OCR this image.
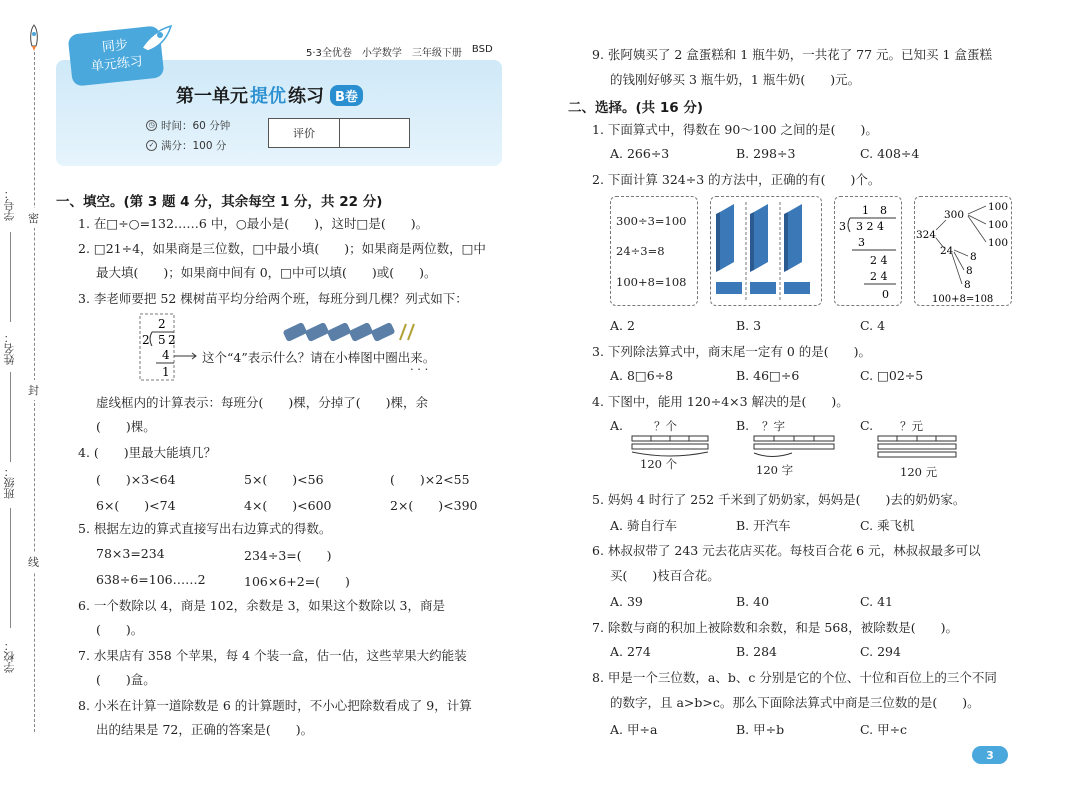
密
封
线
学号：
姓名：
班级：
学校：
5·3全优卷 小学数学 三年级下册 BSD
同步
单元练习
第一单元 提优 练习 B卷
◷ 时间：60 分钟
✓ 满分：100 分
评价
一、填空。(第 3 题 4 分，其余每空 1 分，共 22 分)
1. 在□÷○=132……6 中，○最小是(　　)，这时□是(　　)。
2. □21÷4，如果商是三位数，□中最小填(　　)；如果商是两位数，□中
最大填(　　)；如果商中间有 0，□中可以填(　　)或(　　)。
3. 李老师要把 52 棵树苗平均分给两个班，每班分到几棵？列式如下：
2
2 5 2
4
1
这个“4”表示什么？请在小棒图中圈出来。
· · ·
虚线框内的计算表示：每班分(　　)棵，分掉了(　　)棵，余
(　　)棵。
4. (　　)里最大能填几？
(　　)×3<64	5×(　　)<56	(　　)×2<55
6×(　　)<74	4×(　　)<600	2×(　　)<390
5. 根据左边的算式直接写出右边算式的得数。
78×3=234	234÷3=(　　)
638÷6=106……2	106×6+2=(　　)
6. 一个数除以 4，商是 102，余数是 3，如果这个数除以 3，商是
(　　)。
7. 水果店有 358 个苹果，每 4 个装一盒，估一估，这些苹果大约能装
(　　)盒。
8. 小米在计算一道除数是 6 的计算题时，不小心把除数看成了 9，计算
出的结果是 72，正确的答案是(　　)。
9. 张阿姨买了 2 盒蛋糕和 1 瓶牛奶，一共花了 77 元。已知买 1 盒蛋糕
的钱刚好够买 3 瓶牛奶，1 瓶牛奶(　　)元。
二、选择。(共 16 分)
1. 下面算式中，得数在 90～100 之间的是(　　)。
A. 266÷3	B. 298÷3	C. 408÷4
2. 下面计算 324÷3 的方法中，正确的有(　　)个。
300÷3=100
24÷3=8
100+8=108
1　8
3 3 2 4
3
2 4
2 4
0
324
300
24
100
100
100
8
8
8
100+8=108
A. 2	B. 3	C. 4
3. 下列除法算式中，商末尾一定有 0 的是(　　)。
A. 8□6÷8	B. 46□÷6	C. □02÷5
4. 下图中，能用 120÷4×3 解决的是(　　)。
A.	？个
120 个
B. ？字
120 字
C. ？元
120 元
5. 妈妈 4 时行了 252 千米到了奶奶家，妈妈是(　　)去的奶奶家。
A. 骑自行车	B. 开汽车	C. 乘飞机
6. 林叔叔带了 243 元去花店买花。每枝百合花 6 元，林叔叔最多可以
买(　　)枝百合花。
A. 39	B. 40	C. 41
7. 除数与商的积加上被除数和余数，和是 568，被除数是(　　)。
A. 274	B. 284	C. 294
8. 甲是一个三位数，a、b、c 分别是它的个位、十位和百位上的三个不同
的数字，且 a>b>c。那么下面除法算式中商是三位数的是(　　)。
A. 甲÷a	B. 甲÷b	C. 甲÷c
3
